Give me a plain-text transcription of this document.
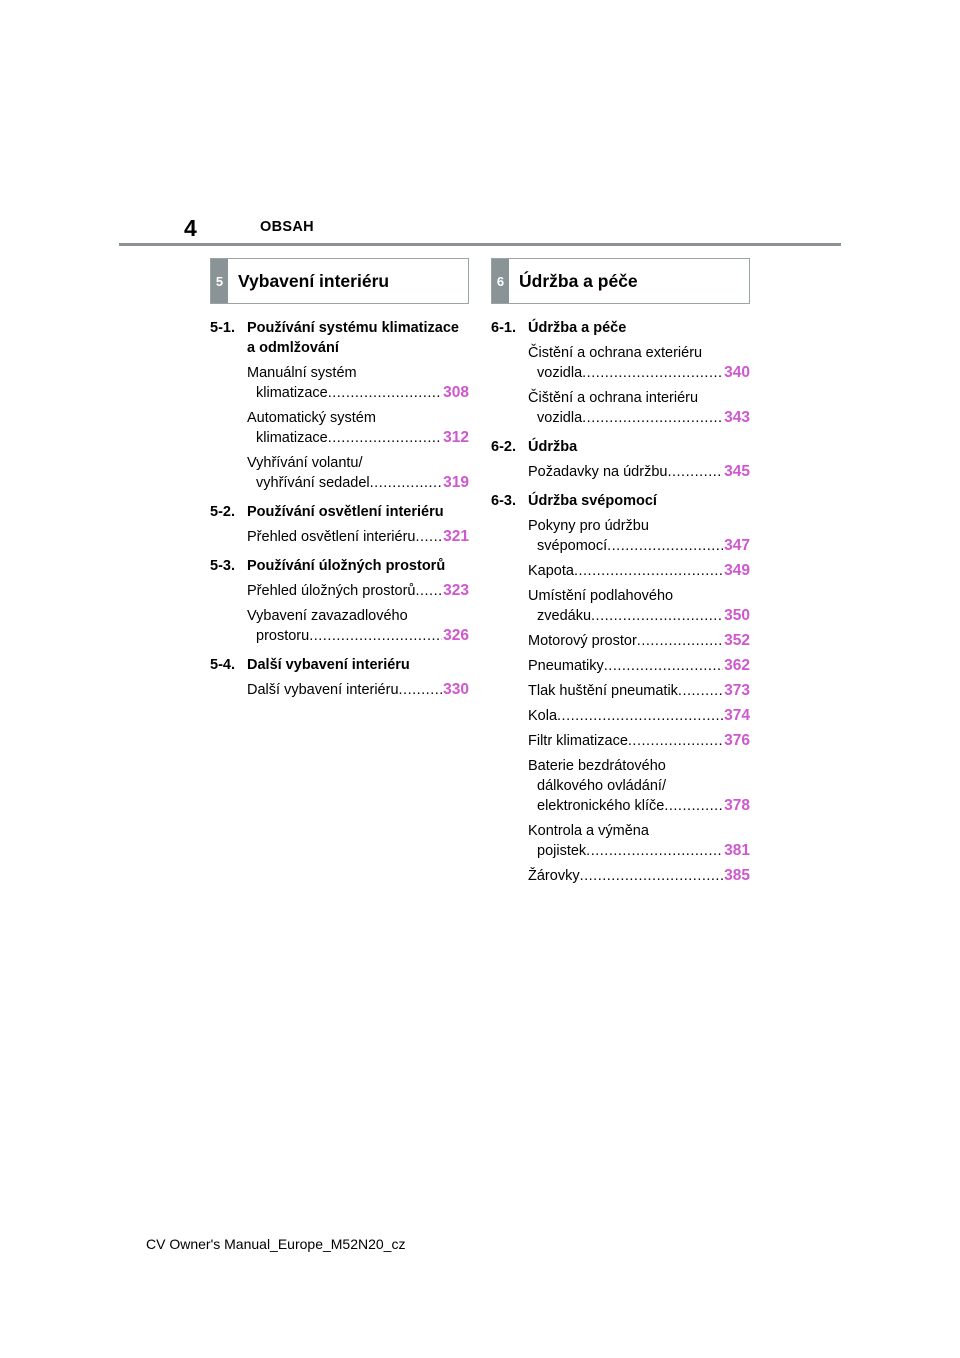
4	OBSAH
5 Vybavení interiéru
5-1. Používání systému klimatizace
a odmlžování
Manuální systém
klimatizace .....	308
Automatický systém
klimatizace .....	312
Vyhřívání volantu/
vyhřívání sedadel .....	319
5-2. Používání osvětlení interiéru
Přehled osvětlení interiéru ..... 321
5-3. Používání úložných prostorů
Přehled úložných prostorů ..... 323
Vybavení zavazadlového
prostoru .....	326
5-4. Další vybavení interiéru
Další vybavení interiéru .....	330
6 Údržba a péče
6-1. Údržba a péče
Čistění a ochrana exteriéru
vozidla .....	340
Čištění a ochrana interiéru
vozidla .....	343
6-2. Údržba
Požadavky na údržbu .....	345
6-3. Údržba svépomocí
Pokyny pro údržbu
svépomocí .....	347
Kapota .....	349
Umístění podlahového
zvedáku .....	350
Motorový prostor .....	352
Pneumatiky .....	362
Tlak huštění pneumatik .....	373
Kola .....	374
Filtr klimatizace .....	376
Baterie bezdrátového
dálkového ovládání/
elektronického klíče .....	378
Kontrola a výměna
pojistek .....	381
Žárovky .....	385
CV Owner's Manual_Europe_M52N20_cz
